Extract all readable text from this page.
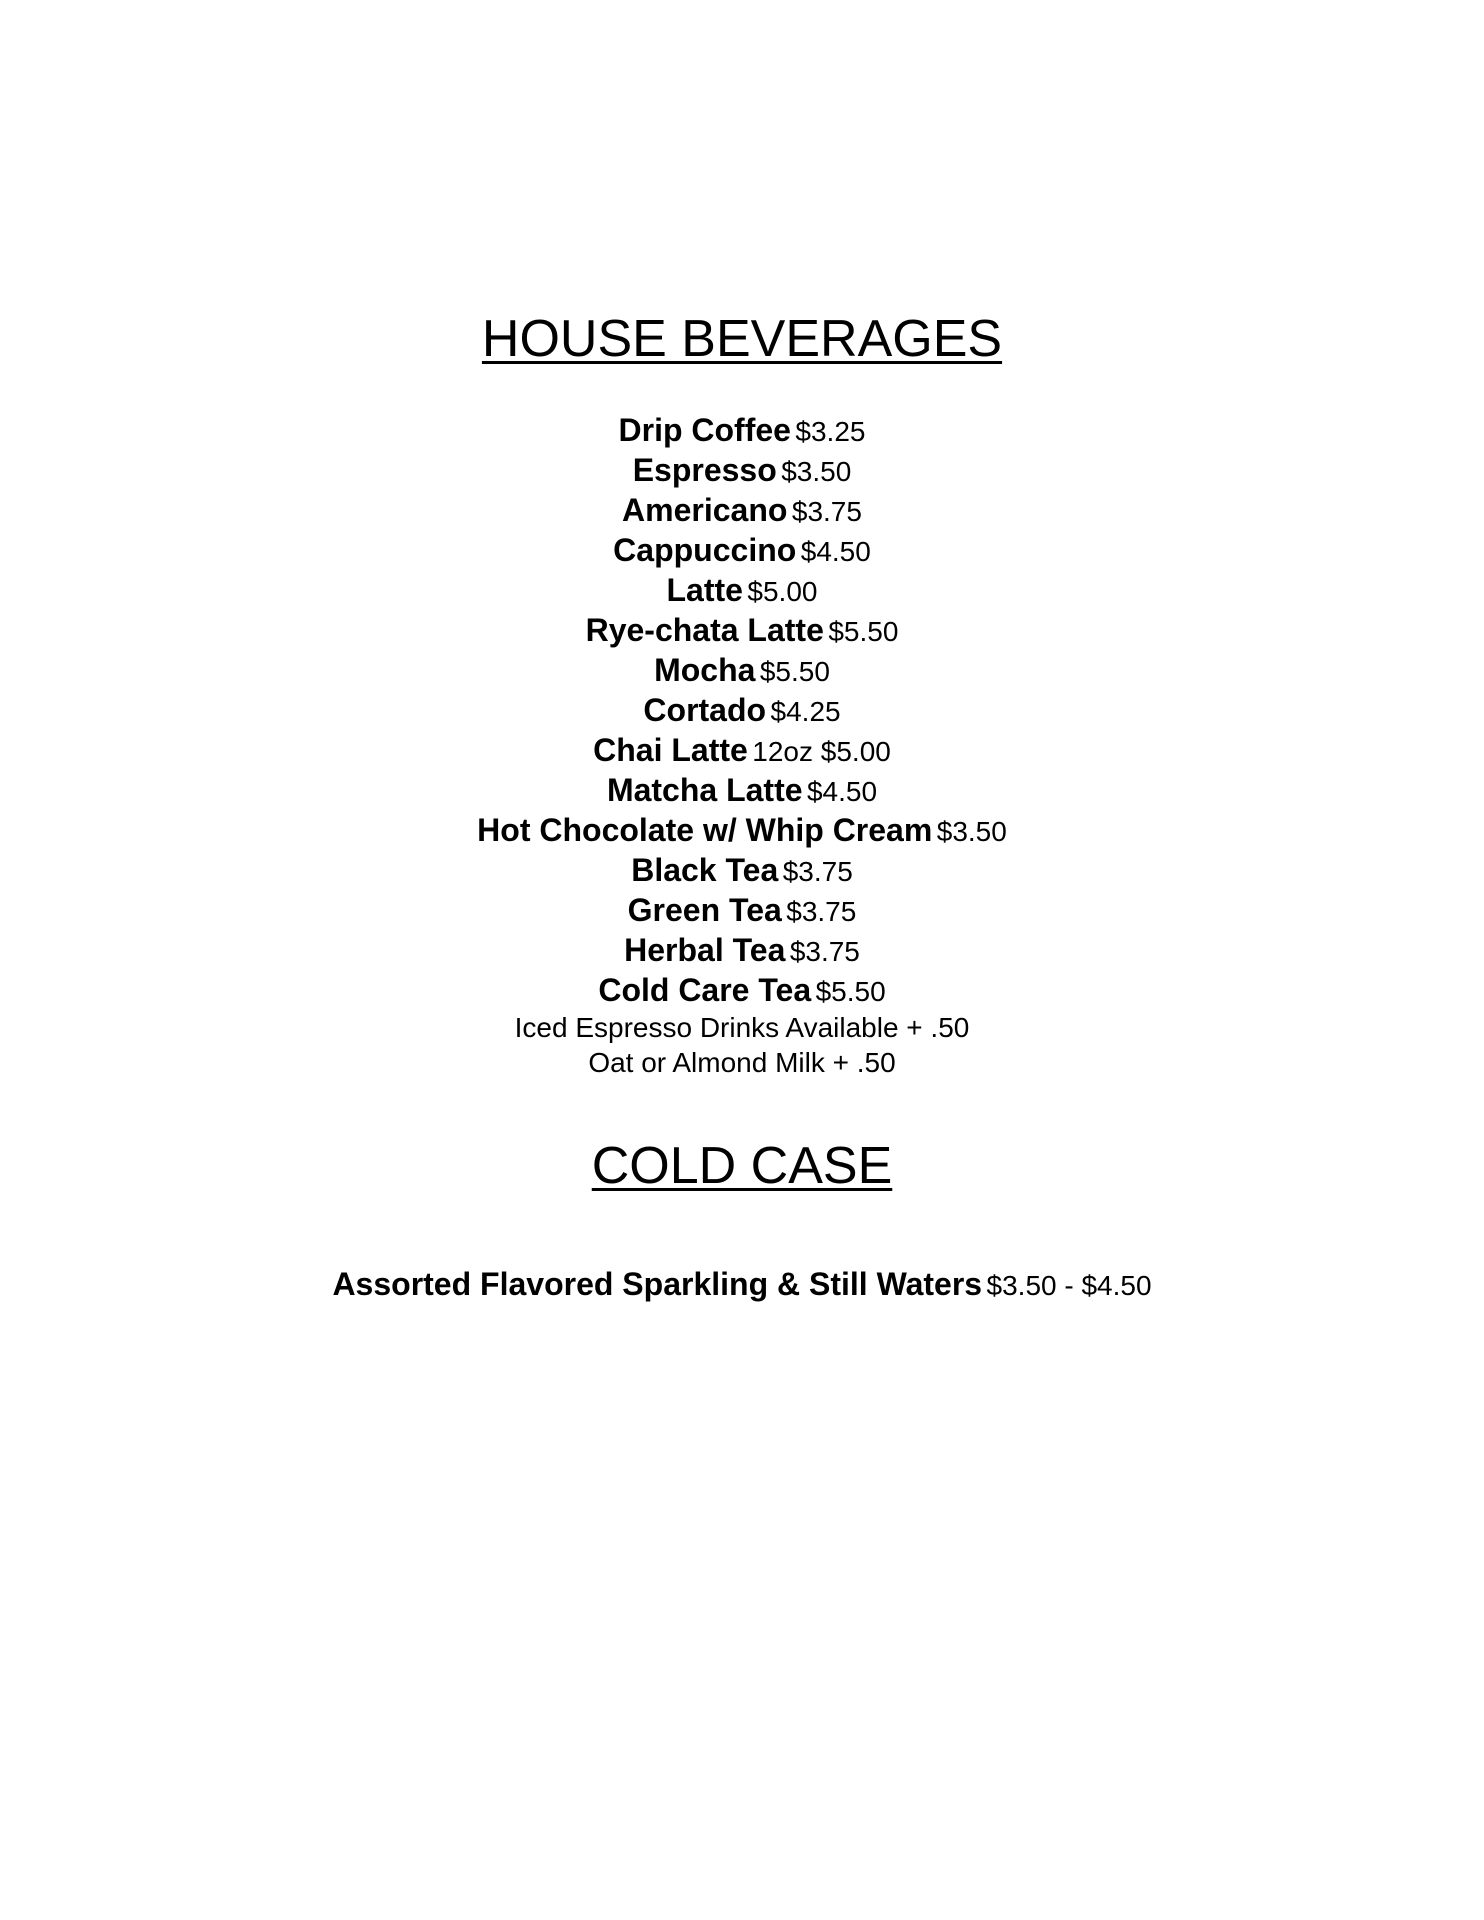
HOUSE BEVERAGES
Drip Coffee $3.25
Espresso $3.50
Americano $3.75
Cappuccino $4.50
Latte $5.00
Rye-chata Latte $5.50
Mocha $5.50
Cortado $4.25
Chai Latte 12oz $5.00
Matcha Latte $4.50
Hot Chocolate w/ Whip Cream $3.50
Black Tea $3.75
Green Tea $3.75
Herbal Tea $3.75
Cold Care Tea $5.50
Iced Espresso Drinks Available + .50
Oat or Almond Milk + .50
COLD CASE
Assorted Flavored Sparkling & Still Waters $3.50 - $4.50
